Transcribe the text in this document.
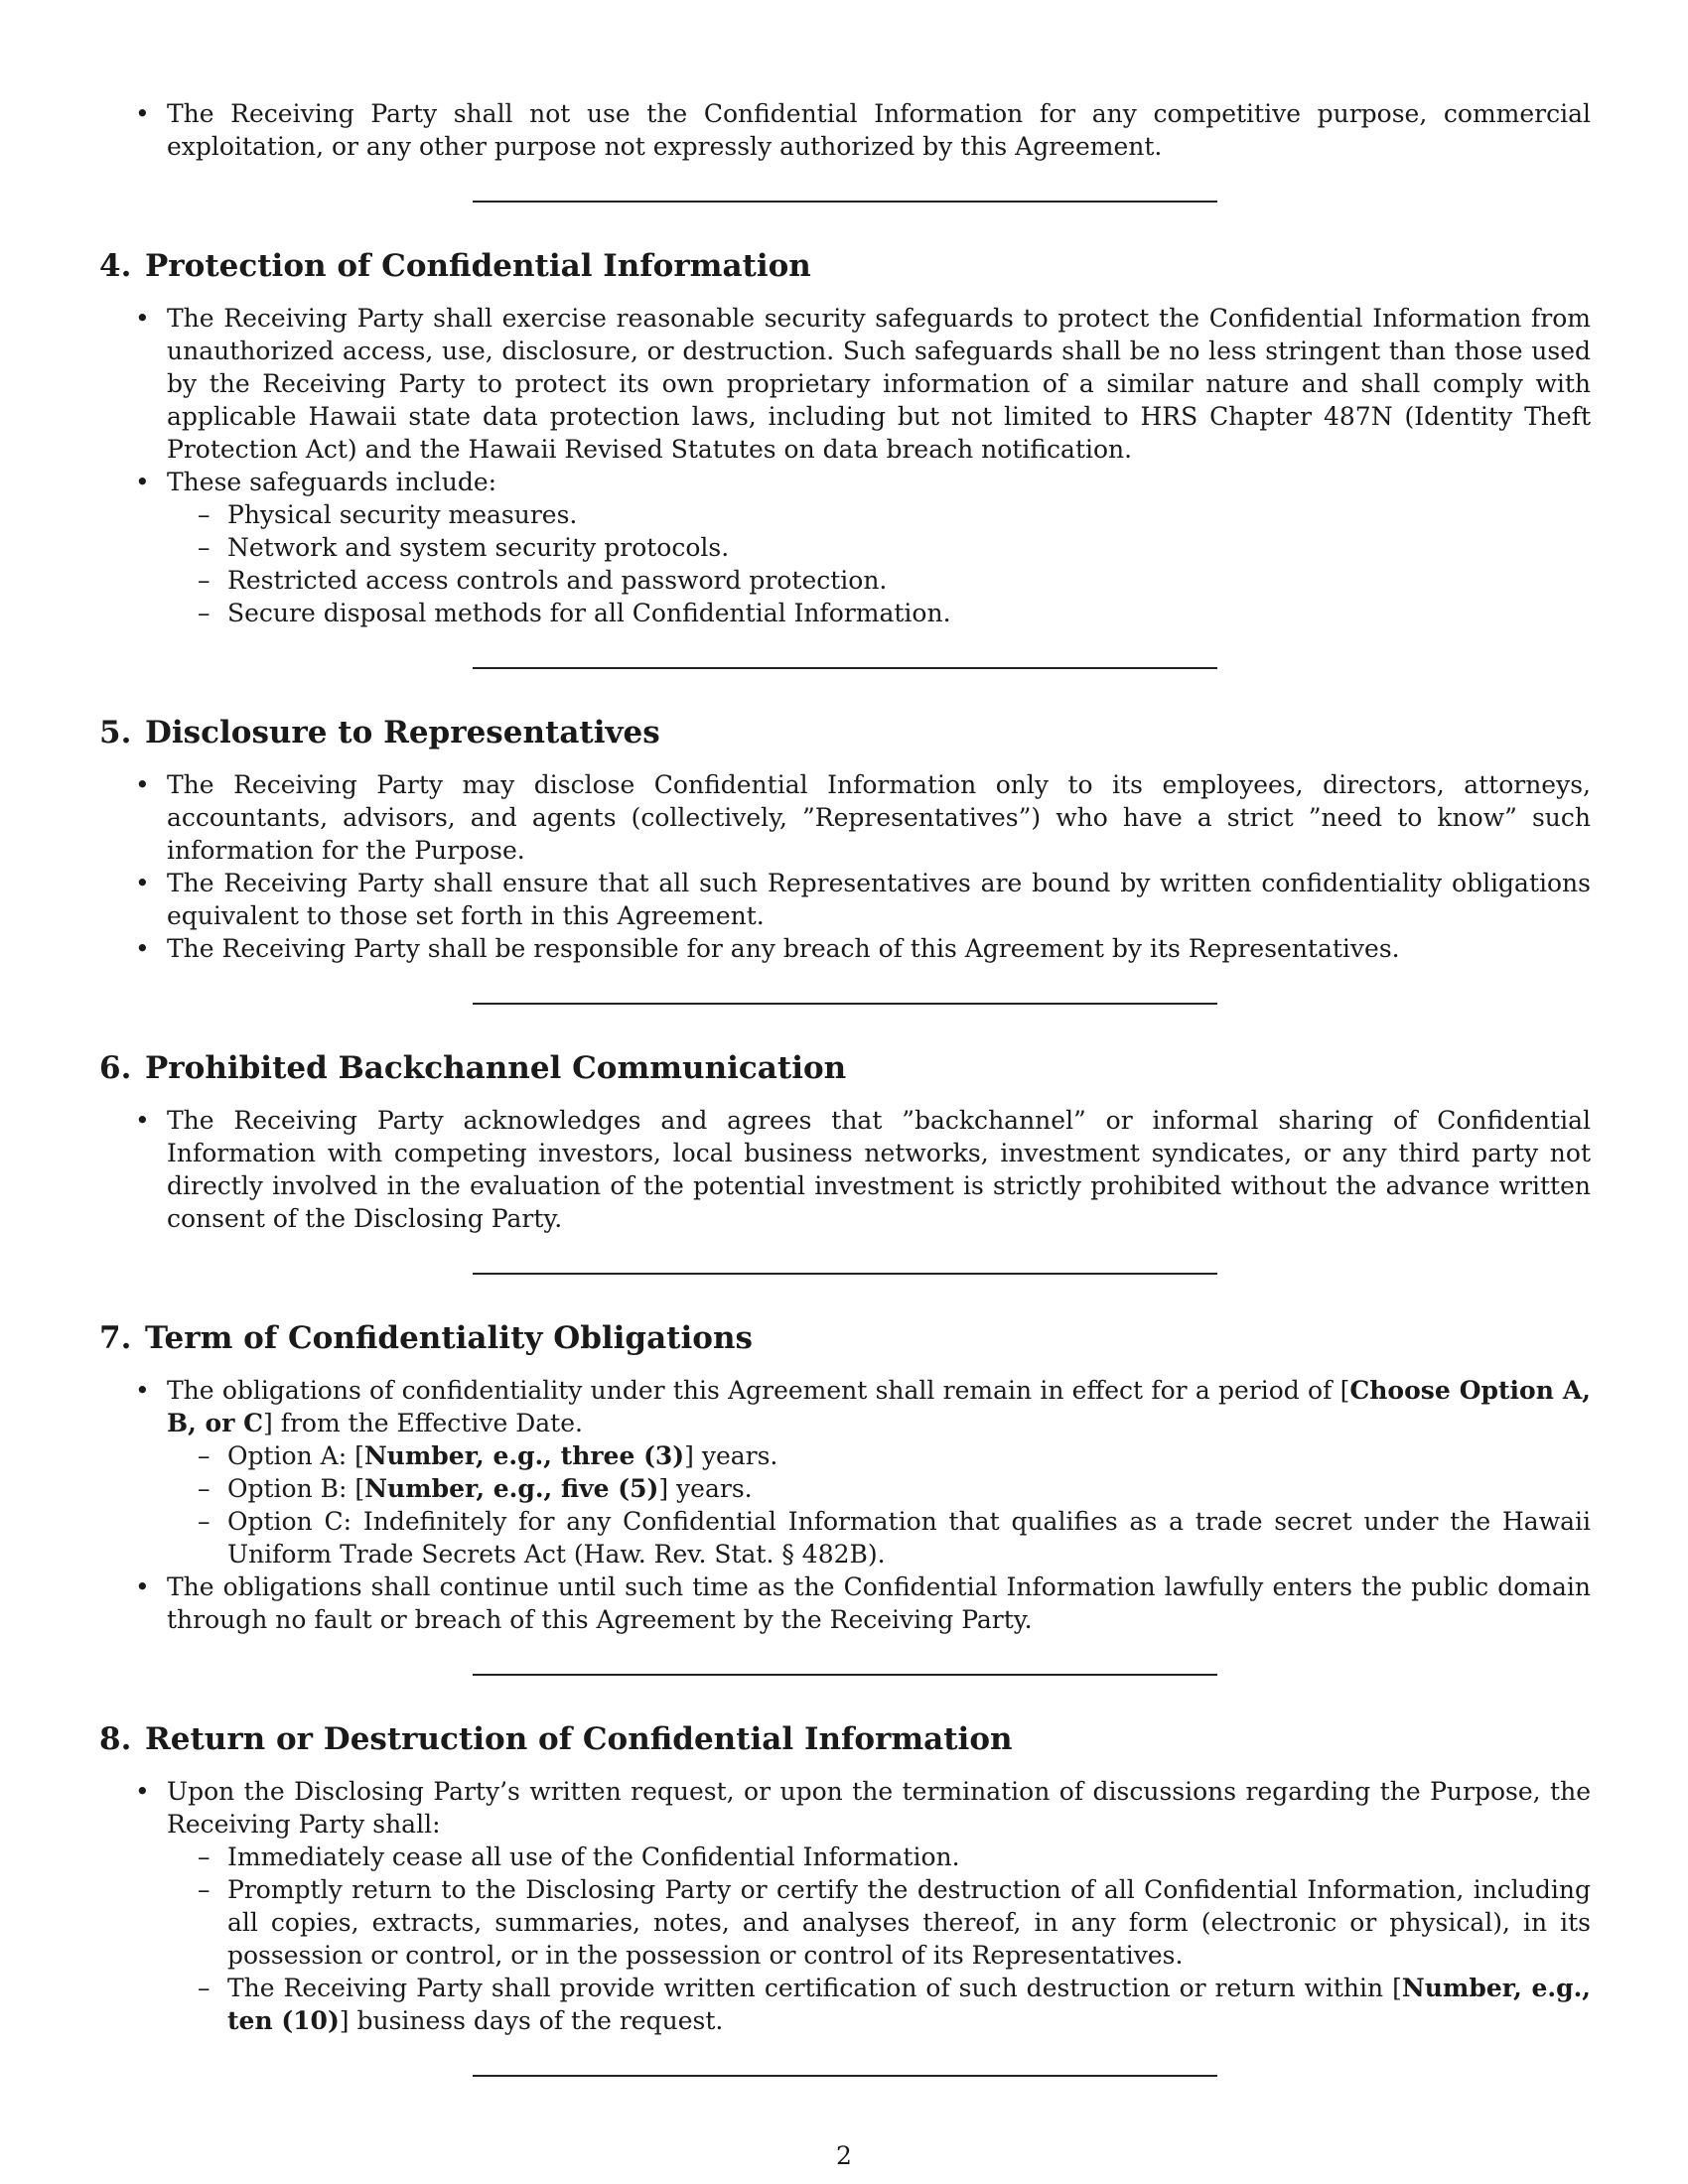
• The Receiving Party shall not use the Confidential Information for any competitive purpose, commercial exploitation, or any other purpose not expressly authorized by this Agreement.
4. Protection of Confidential Information
• The Receiving Party shall exercise reasonable security safeguards to protect the Confidential Information from unauthorized access, use, disclosure, or destruction. Such safeguards shall be no less stringent than those used by the Receiving Party to protect its own proprietary information of a similar nature and shall comply with applicable Hawaii state data protection laws, including but not limited to HRS Chapter 487N (Identity Theft Protection Act) and the Hawaii Revised Statutes on data breach notification.
• These safeguards include:
– Physical security measures.
– Network and system security protocols.
– Restricted access controls and password protection.
– Secure disposal methods for all Confidential Information.
5. Disclosure to Representatives
• The Receiving Party may disclose Confidential Information only to its employees, directors, attorneys, accountants, advisors, and agents (collectively, ”Representatives”) who have a strict ”need to know” such information for the Purpose.
• The Receiving Party shall ensure that all such Representatives are bound by written confidentiality obligations equivalent to those set forth in this Agreement.
• The Receiving Party shall be responsible for any breach of this Agreement by its Representatives.
6. Prohibited Backchannel Communication
• The Receiving Party acknowledges and agrees that ”backchannel” or informal sharing of Confidential Information with competing investors, local business networks, investment syndicates, or any third party not directly involved in the evaluation of the potential investment is strictly prohibited without the advance written consent of the Disclosing Party.
7. Term of Confidentiality Obligations
• The obligations of confidentiality under this Agreement shall remain in effect for a period of [Choose Option A, B, or C] from the Effective Date.
– Option A: [Number, e.g., three (3)] years.
– Option B: [Number, e.g., five (5)] years.
– Option C: Indefinitely for any Confidential Information that qualifies as a trade secret under the Hawaii Uniform Trade Secrets Act (Haw. Rev. Stat. § 482B).
• The obligations shall continue until such time as the Confidential Information lawfully enters the public domain through no fault or breach of this Agreement by the Receiving Party.
8. Return or Destruction of Confidential Information
• Upon the Disclosing Party’s written request, or upon the termination of discussions regarding the Purpose, the Receiving Party shall:
– Immediately cease all use of the Confidential Information.
– Promptly return to the Disclosing Party or certify the destruction of all Confidential Information, including all copies, extracts, summaries, notes, and analyses thereof, in any form (electronic or physical), in its possession or control, or in the possession or control of its Representatives.
– The Receiving Party shall provide written certification of such destruction or return within [Number, e.g., ten (10)] business days of the request.
2
